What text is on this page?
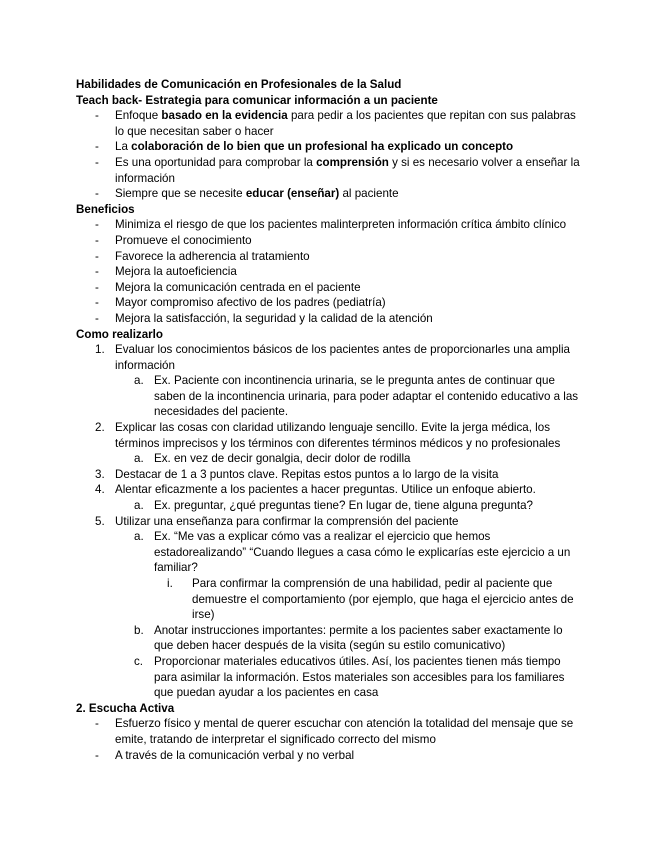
Habilidades de Comunicación en Profesionales de la Salud
Teach back- Estrategia para comunicar información a un paciente
- Enfoque basado en la evidencia para pedir a los pacientes que repitan con sus palabras lo que necesitan saber o hacer
- La colaboración de lo bien que un profesional ha explicado un concepto
- Es una oportunidad para comprobar la comprensión y si es necesario volver a enseñar la información
- Siempre que se necesite educar (enseñar) al paciente
Beneficios
- Minimiza el riesgo de que los pacientes malinterpreten información crítica ámbito clínico
- Promueve el conocimiento
- Favorece la adherencia al tratamiento
- Mejora la autoeficiencia
- Mejora la comunicación centrada en el paciente
- Mayor compromiso afectivo de los padres (pediatría)
- Mejora la satisfacción, la seguridad y la calidad de la atención
Como realizarlo
1. Evaluar los conocimientos básicos de los pacientes antes de proporcionarles una amplia información
a. Ex. Paciente con incontinencia urinaria, se le pregunta antes de continuar que saben de la incontinencia urinaria, para poder adaptar el contenido educativo a las necesidades del paciente.
2. Explicar las cosas con claridad utilizando lenguaje sencillo. Evite la jerga médica, los términos imprecisos y los términos con diferentes términos médicos y no profesionales
a. Ex. en vez de decir gonalgia, decir dolor de rodilla
3. Destacar de 1 a 3 puntos clave. Repitas estos puntos a lo largo de la visita
4. Alentar eficazmente a los pacientes a hacer preguntas. Utilice un enfoque abierto.
a. Ex. preguntar, ¿qué preguntas tiene? En lugar de, tiene alguna pregunta?
5. Utilizar una enseñanza para confirmar la comprensión del paciente
a. Ex. “Me vas a explicar cómo vas a realizar el ejercicio que hemos estadorealizando” “Cuando llegues a casa cómo le explicarías este ejercicio a un familiar?
i. Para confirmar la comprensión de una habilidad, pedir al paciente que demuestre el comportamiento (por ejemplo, que haga el ejercicio antes de irse)
b. Anotar instrucciones importantes: permite a los pacientes saber exactamente lo que deben hacer después de la visita (según su estilo comunicativo)
c. Proporcionar materiales educativos útiles. Así, los pacientes tienen más tiempo para asimilar la información. Estos materiales son accesibles para los familiares que puedan ayudar a los pacientes en casa
2. Escucha Activa
- Esfuerzo físico y mental de querer escuchar con atención la totalidad del mensaje que se emite, tratando de interpretar el significado correcto del mismo
- A través de la comunicación verbal y no verbal
